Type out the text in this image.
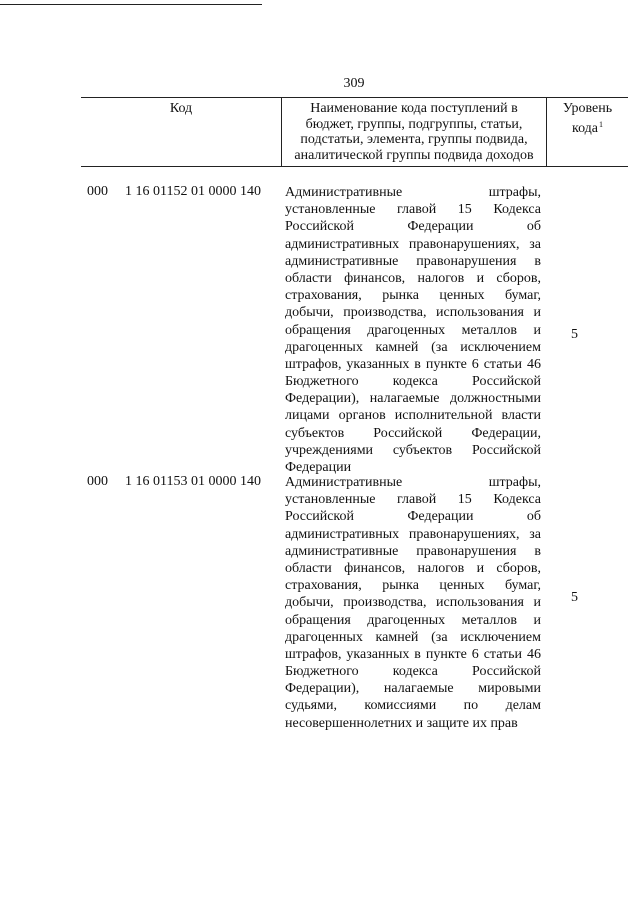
309
Код	Наименование кода поступлений в
бюджет, группы, подгруппы, статьи,
подстатьи, элемента, группы подвида,
аналитической группы подвида доходов
Уровень
кода$^1$
000 1 16 01152 01 0000 140 Административные штрафы,
установленные главой 15 Кодекса
Российской Федерации об
административных правонарушениях, за
административные правонарушения в
области финансов, налогов и сборов,
страхования, рынка ценных бумаг,
добычи, производства, использования и
обращения драгоценных металлов и
драгоценных камней (за исключением
штрафов, указанных в пункте 6 статьи 46
Бюджетного кодекса Российской
Федерации), налагаемые должностными
лицами органов исполнительной власти
субъектов Российской Федерации,
учреждениями субъектов Российской
Федерации
5
000 1 16 01153 01 0000 140 Административные штрафы,
установленные главой 15 Кодекса
Российской Федерации об
административных правонарушениях, за
административные правонарушения в
области финансов, налогов и сборов,
страхования, рынка ценных бумаг,
добычи, производства, использования и
обращения драгоценных металлов и
драгоценных камней (за исключением
штрафов, указанных в пункте 6 статьи 46
Бюджетного кодекса Российской
Федерации), налагаемые мировыми
судьями, комиссиями по делам
несовершеннолетних и защите их прав
5
